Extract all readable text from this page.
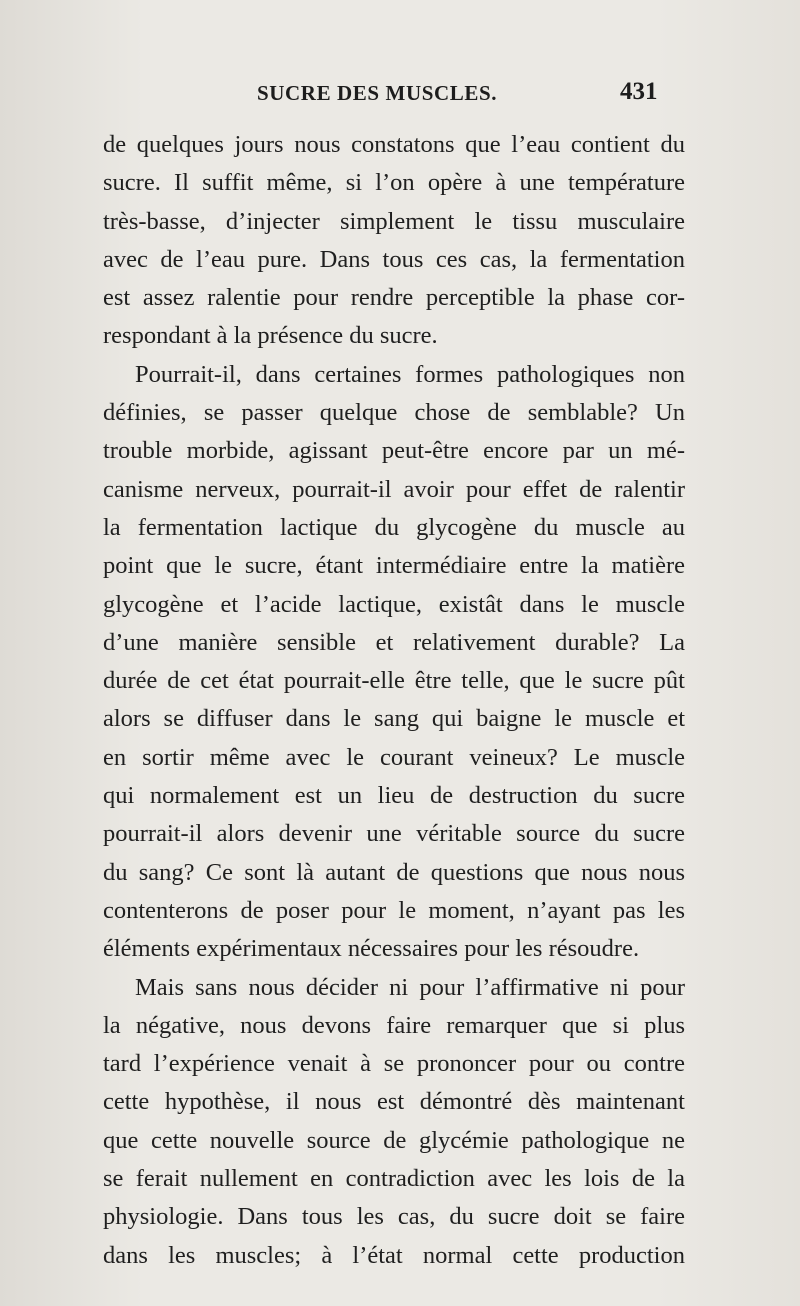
SUCRE DES MUSCLES.	431
de quelques jours nous constatons que l’eau contient du
sucre. Il suffit même, si l’on opère à une température
très-basse, d’injecter simplement le tissu musculaire
avec de l’eau pure. Dans tous ces cas, la fermentation
est assez ralentie pour rendre perceptible la phase cor-
respondant à la présence du sucre.
Pourrait-il, dans certaines formes pathologiques non
définies, se passer quelque chose de semblable? Un
trouble morbide, agissant peut-être encore par un mé-
canisme nerveux, pourrait-il avoir pour effet de ralentir
la fermentation lactique du glycogène du muscle au
point que le sucre, étant intermédiaire entre la matière
glycogène et l’acide lactique, existât dans le muscle
d’une manière sensible et relativement durable? La
durée de cet état pourrait-elle être telle, que le sucre pût
alors se diffuser dans le sang qui baigne le muscle et
en sortir même avec le courant veineux? Le muscle
qui normalement est un lieu de destruction du sucre
pourrait-il alors devenir une véritable source du sucre
du sang? Ce sont là autant de questions que nous nous
contenterons de poser pour le moment, n’ayant pas les
éléments expérimentaux nécessaires pour les résoudre.
Mais sans nous décider ni pour l’affirmative ni pour
la négative, nous devons faire remarquer que si plus
tard l’expérience venait à se prononcer pour ou contre
cette hypothèse, il nous est démontré dès maintenant
que cette nouvelle source de glycémie pathologique ne
se ferait nullement en contradiction avec les lois de la
physiologie. Dans tous les cas, du sucre doit se faire
dans les muscles; à l’état normal cette production
